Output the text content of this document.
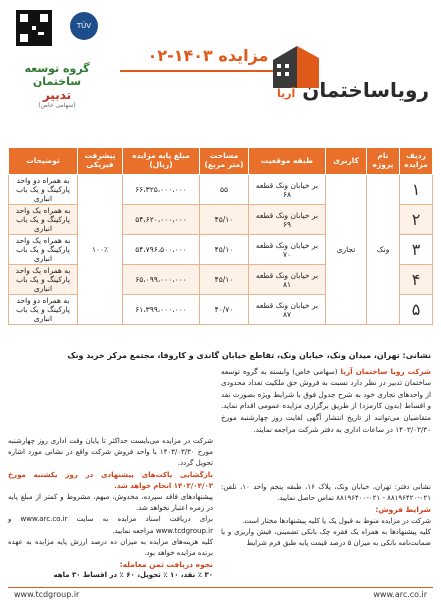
TÜV
گروه توسعه ساختمان
تدبیر
(سهامی خاص)
مزایده ۱۴۰۳-۰۲
رویاساختمان آریا
ردیف مزایده	نام پروژه	کاربری	طبقه موقعیت	مساحت (متر مربع)	مبلغ پایه مزایده (ریال)	پیشرفت فیزیکی	توضیحات
۱	ونک	تجاری	بر خیابان ونک قطعه ۶۸	۵۵	۶۶،۳۲۵،۰۰۰،۰۰۰	۱۰۰٪	به همراه دو واحد پارکینگ و یک باب انباری
۲			بر خیابان ونک قطعه ۶۹	۴۵/۱۰	۵۴،۶۲۰،۰۰۰،۰۰۰		به همراه یک واحد پارکینگ و یک باب انباری
۳			بر خیابان ونک قطعه ۷۰	۴۵/۱۰	۵۴،۷۹۶،۵۰۰،۰۰۰		به همراه یک واحد پارکینگ و یک باب انباری
۴			بر خیابان ونک قطعه ۸۱	۴۵/۱۰	۶۵،۰۹۹،۰۰۰،۰۰۰		به همراه یک واحد پارکینگ و یک باب انباری
۵			بر خیابان ونک قطعه ۸۷	۴۰/۷۰	۶۱،۳۹۹،۰۰۰،۰۰۰		به همراه دو واحد پارکینگ و یک باب انباری

نشانی: تهران، میدان ونک، خیابان ونک، تقاطع خیابان گاندی و کاروفا، مجتمع مرکز خرید ونک

شرکت رویا ساختمان آریا (سهامی خاص) وابسته به گروه توسعه ساختمان تدبیر در نظر دارد نسبت به فروش حق ملکیت تعداد محدودی از واحدهای تجاری خود به شرح جدول فوق با شرایط ویژه بصورت نقد و اقساط (بدون کارمزد) از طریق برگزاری مزایده عمومی اقدام نماید. متقاضیان می‌توانند از تاریخ انتشار آگهی لغایت روز چهارشنبه مورخ ۱۴۰۳/۰۳/۳۰ در ساعات اداری به دفتر شرکت مراجعه نمایند.

شرکت در مزایده می‌بایست حداکثر تا پایان وقت اداری روز چهارشنبه مورخ ۱۴۰۳/۰۳/۳۰ با واحد فروش شرکت واقع در نشانی مورد اشاره تحویل گردد.

بازگشایی پاکت‌های پیشنهادی در روز یکشنبه مورخ ۱۴۰۳/۰۴/۰۳ انجام خواهد شد.

پیشنهادهای فاقد سپرده، مخدوش، مبهم، مشروط و کمتر از مبلغ پایه در زمره اعتبار نخواهد شد.

برای دریافت اسناد مزایده به سایت www.arc.co.ir و www.tcdgroup.ir مراجعه نمایید.

کلیه هزینه‌های مزایده به میزان ده درصد ارزش پایه مزایده به عهده برنده مزایده خواهد بود.

نحوه دریافت ثمن معامله:

۳۰ ٪ نقد، ۱۰ ٪ تحویل، ۶۰ ٪ در اقساط ۳۰ ماهه

نشانی دفتر: تهران، خیابان ونک، پلاک ۱۶، طبقه پنجم واحد ۱۰، تلفن: ۰۲۱-۸۸۱۹۶۴۲۰ - ۰۲۱-۸۸۱۹۶۴۰۰ تماس حاصل نمایید.

شرایط فروش:

شرکت در مزایده منوط به قبول یک یا کلیه پیشنهادها مختار است.

کلیه پیشنهادها به همراه یک فقره چک بانکی تضمینی، فیش واریزی و یا ضمانت‌نامه بانکی به میزان ۵ درصد قیمت پایه طبق فرم شرایط

www.tcdgroup.ir	www.arc.co.ir
